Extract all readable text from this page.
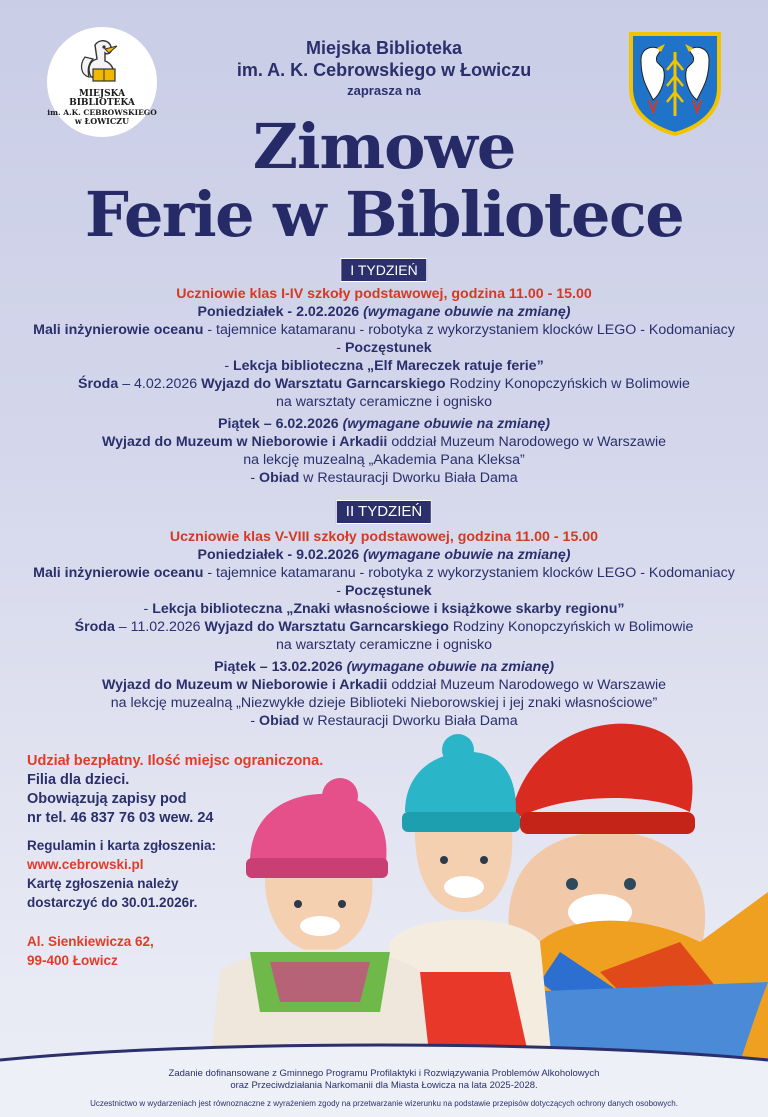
MIEJSKA BIBLIOTEKA
im. A.K. CEBROWSKIEGO
w ŁOWICZU
Miejska Biblioteka
im. A. K. Cebrowskiego w Łowiczu
zaprasza na
Zimowe
Ferie w Bibliotece
I TYDZIEŃ
Uczniowie klas I-IV szkoły podstawowej, godzina 11.00 - 15.00
Poniedziałek - 2.02.2026 (wymagane obuwie na zmianę)
Mali inżynierowie oceanu - tajemnice katamaranu - robotyka z wykorzystaniem klocków LEGO - Kodomaniacy
- Poczęstunek
- Lekcja biblioteczna „Elf Mareczek ratuje ferie”
Środa – 4.02.2026 Wyjazd do Warsztatu Garncarskiego Rodziny Konopczyńskich w Bolimowie
na warsztaty ceramiczne i ognisko
Piątek – 6.02.2026 (wymagane obuwie na zmianę)
Wyjazd do Muzeum w Nieborowie i Arkadii oddział Muzeum Narodowego w Warszawie
na lekcję muzealną „Akademia Pana Kleksa”
- Obiad w Restauracji Dworku Biała Dama
II TYDZIEŃ
Uczniowie klas V-VIII szkoły podstawowej, godzina 11.00 - 15.00
Poniedziałek - 9.02.2026 (wymagane obuwie na zmianę)
Mali inżynierowie oceanu - tajemnice katamaranu - robotyka z wykorzystaniem klocków LEGO - Kodomaniacy
- Poczęstunek
- Lekcja biblioteczna „Znaki własnościowe i książkowe skarby regionu”
Środa – 11.02.2026 Wyjazd do Warsztatu Garncarskiego Rodziny Konopczyńskich w Bolimowie
na warsztaty ceramiczne i ognisko
Piątek – 13.02.2026 (wymagane obuwie na zmianę)
Wyjazd do Muzeum w Nieborowie i Arkadii oddział Muzeum Narodowego w Warszawie
na lekcję muzealną „Niezwykłe dzieje Biblioteki Nieborowskiej i jej znaki własnościowe”
- Obiad w Restauracji Dworku Biała Dama
Udział bezpłatny. Ilość miejsc ograniczona.
Filia dla dzieci.
Obowiązują zapisy pod
nr tel. 46 837 76 03 wew. 24
Regulamin i karta zgłoszenia:
www.cebrowski.pl
Kartę zgłoszenia należy
dostarczyć do 30.01.2026r.
Al. Sienkiewicza 62,
99-400 Łowicz
Zadanie dofinansowane z Gminnego Programu Profilaktyki i Rozwiązywania Problemów Alkoholowych
oraz Przeciwdziałania Narkomanii dla Miasta Łowicza na lata 2025-2028.
Uczestnictwo w wydarzeniach jest równoznaczne z wyrażeniem zgody na przetwarzanie wizerunku na podstawie przepisów dotyczących ochrony danych osobowych.
